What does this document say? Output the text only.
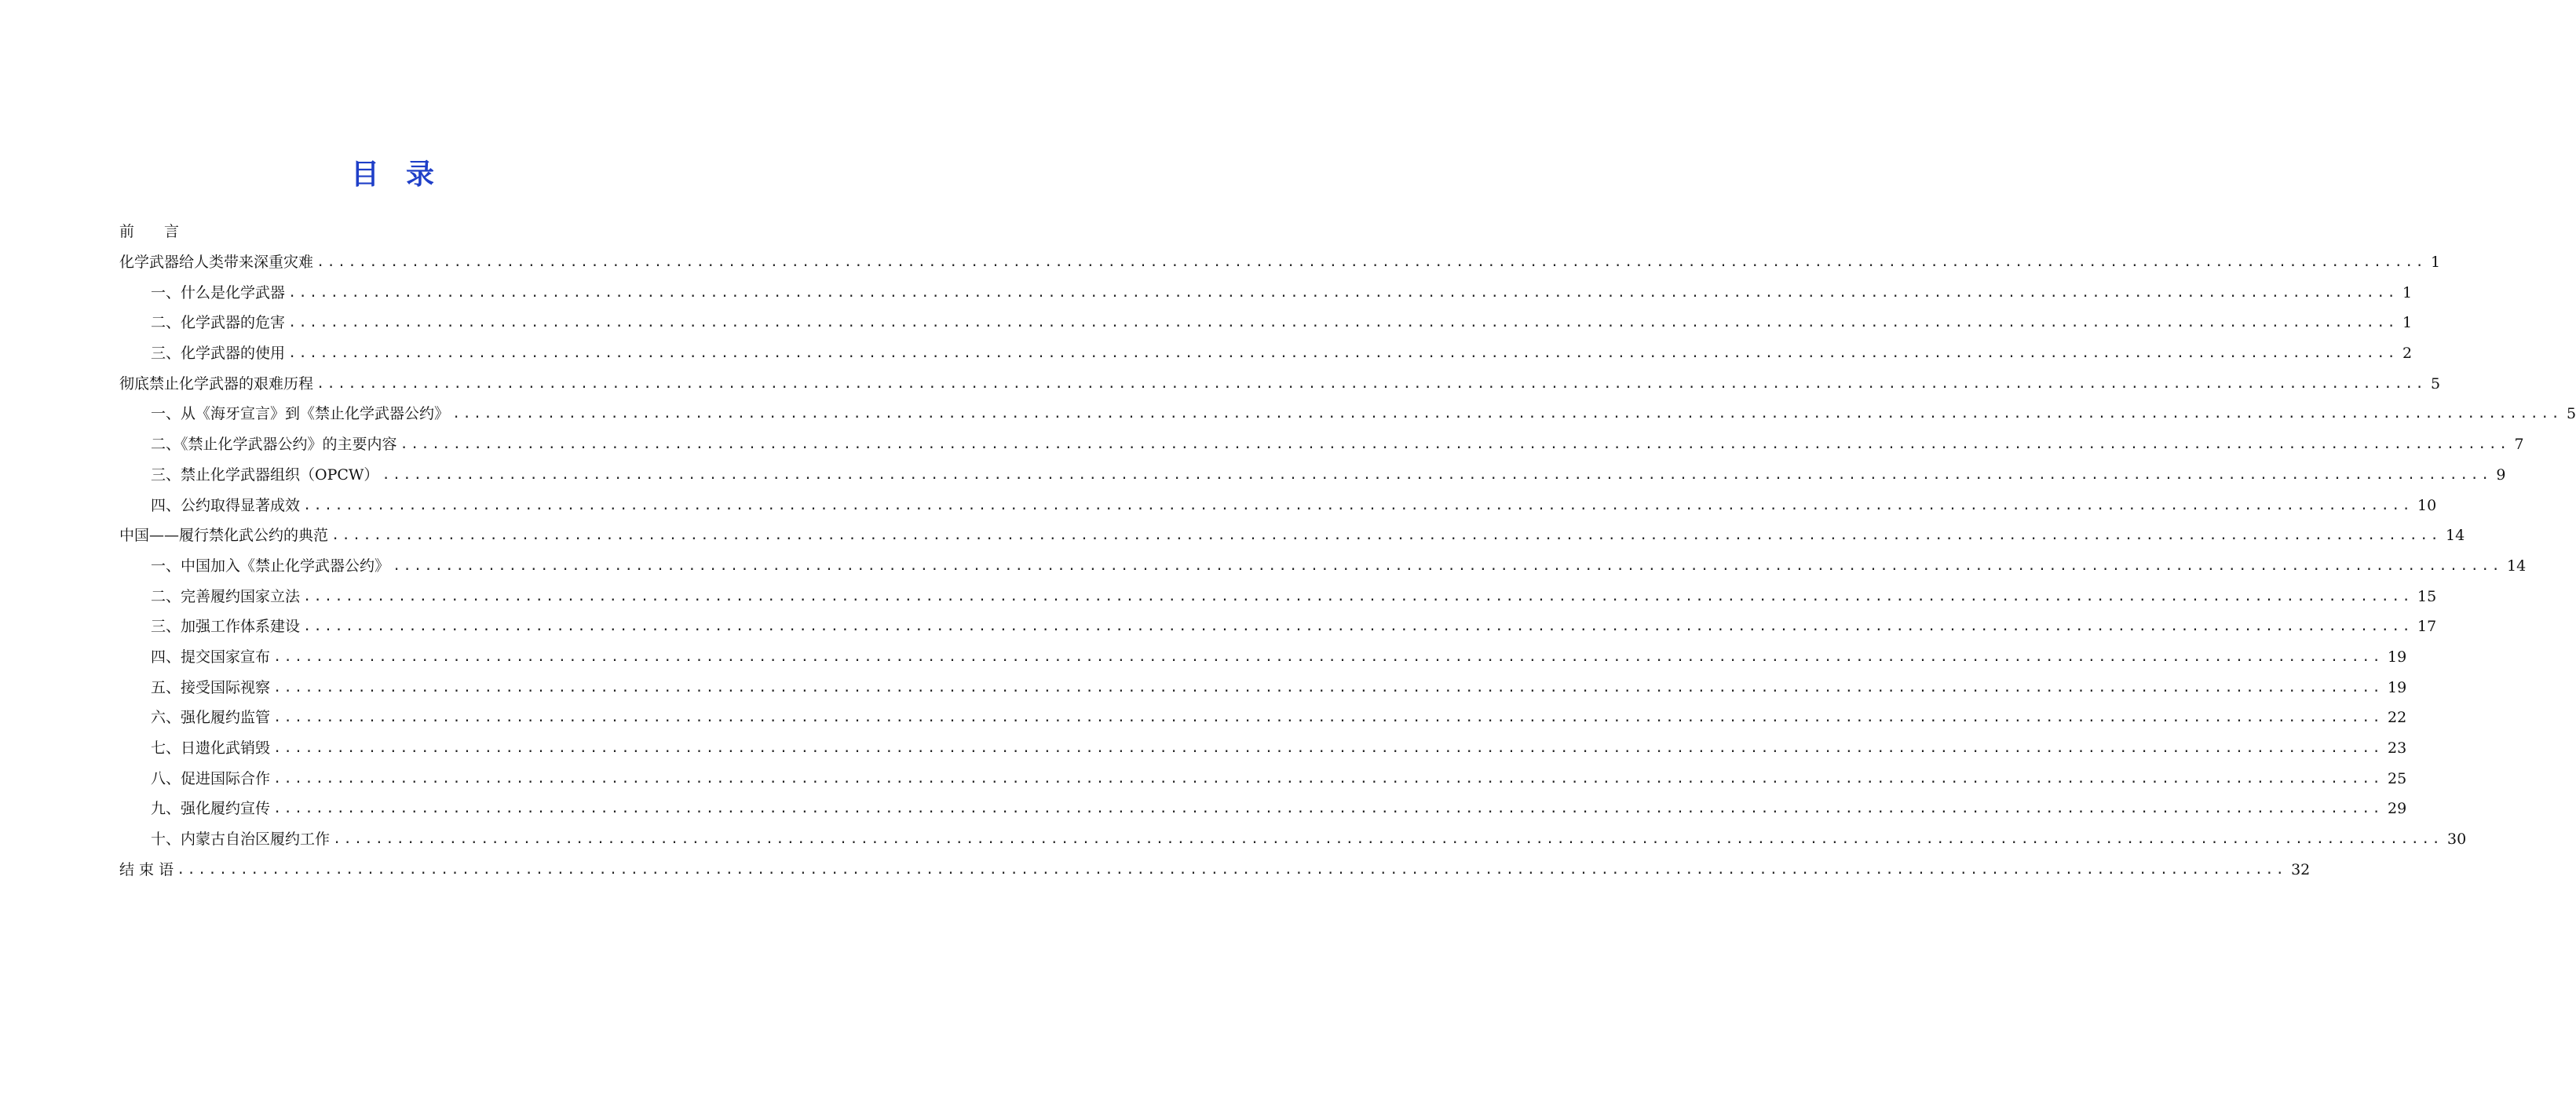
目录
前　　言
化学武器给人类带来深重灾难 ........................................................................................................................................................................................................ 1
一、什么是化学武器 ........................................................................................................................................................................................................ 1
二、化学武器的危害 ........................................................................................................................................................................................................ 1
三、化学武器的使用 ........................................................................................................................................................................................................ 2
彻底禁止化学武器的艰难历程 ........................................................................................................................................................................................................ 5
一、从《海牙宣言》到《禁止化学武器公约》 ........................................................................................................................................................................................................ 5
二、《禁止化学武器公约》的主要内容 ........................................................................................................................................................................................................ 7
三、禁止化学武器组织（OPCW） ........................................................................................................................................................................................................ 9
四、公约取得显著成效 ........................................................................................................................................................................................................ 10
中国——履行禁化武公约的典范 ........................................................................................................................................................................................................ 14
一、中国加入《禁止化学武器公约》 ........................................................................................................................................................................................................ 14
二、完善履约国家立法 ........................................................................................................................................................................................................ 15
三、加强工作体系建设 ........................................................................................................................................................................................................ 17
四、提交国家宣布 ........................................................................................................................................................................................................ 19
五、接受国际视察 ........................................................................................................................................................................................................ 19
六、强化履约监管 ........................................................................................................................................................................................................ 22
七、日遗化武销毁 ........................................................................................................................................................................................................ 23
八、促进国际合作 ........................................................................................................................................................................................................ 25
九、强化履约宣传 ........................................................................................................................................................................................................ 29
十、内蒙古自治区履约工作 ........................................................................................................................................................................................................ 30
结 束 语 ........................................................................................................................................................................................................ 32
